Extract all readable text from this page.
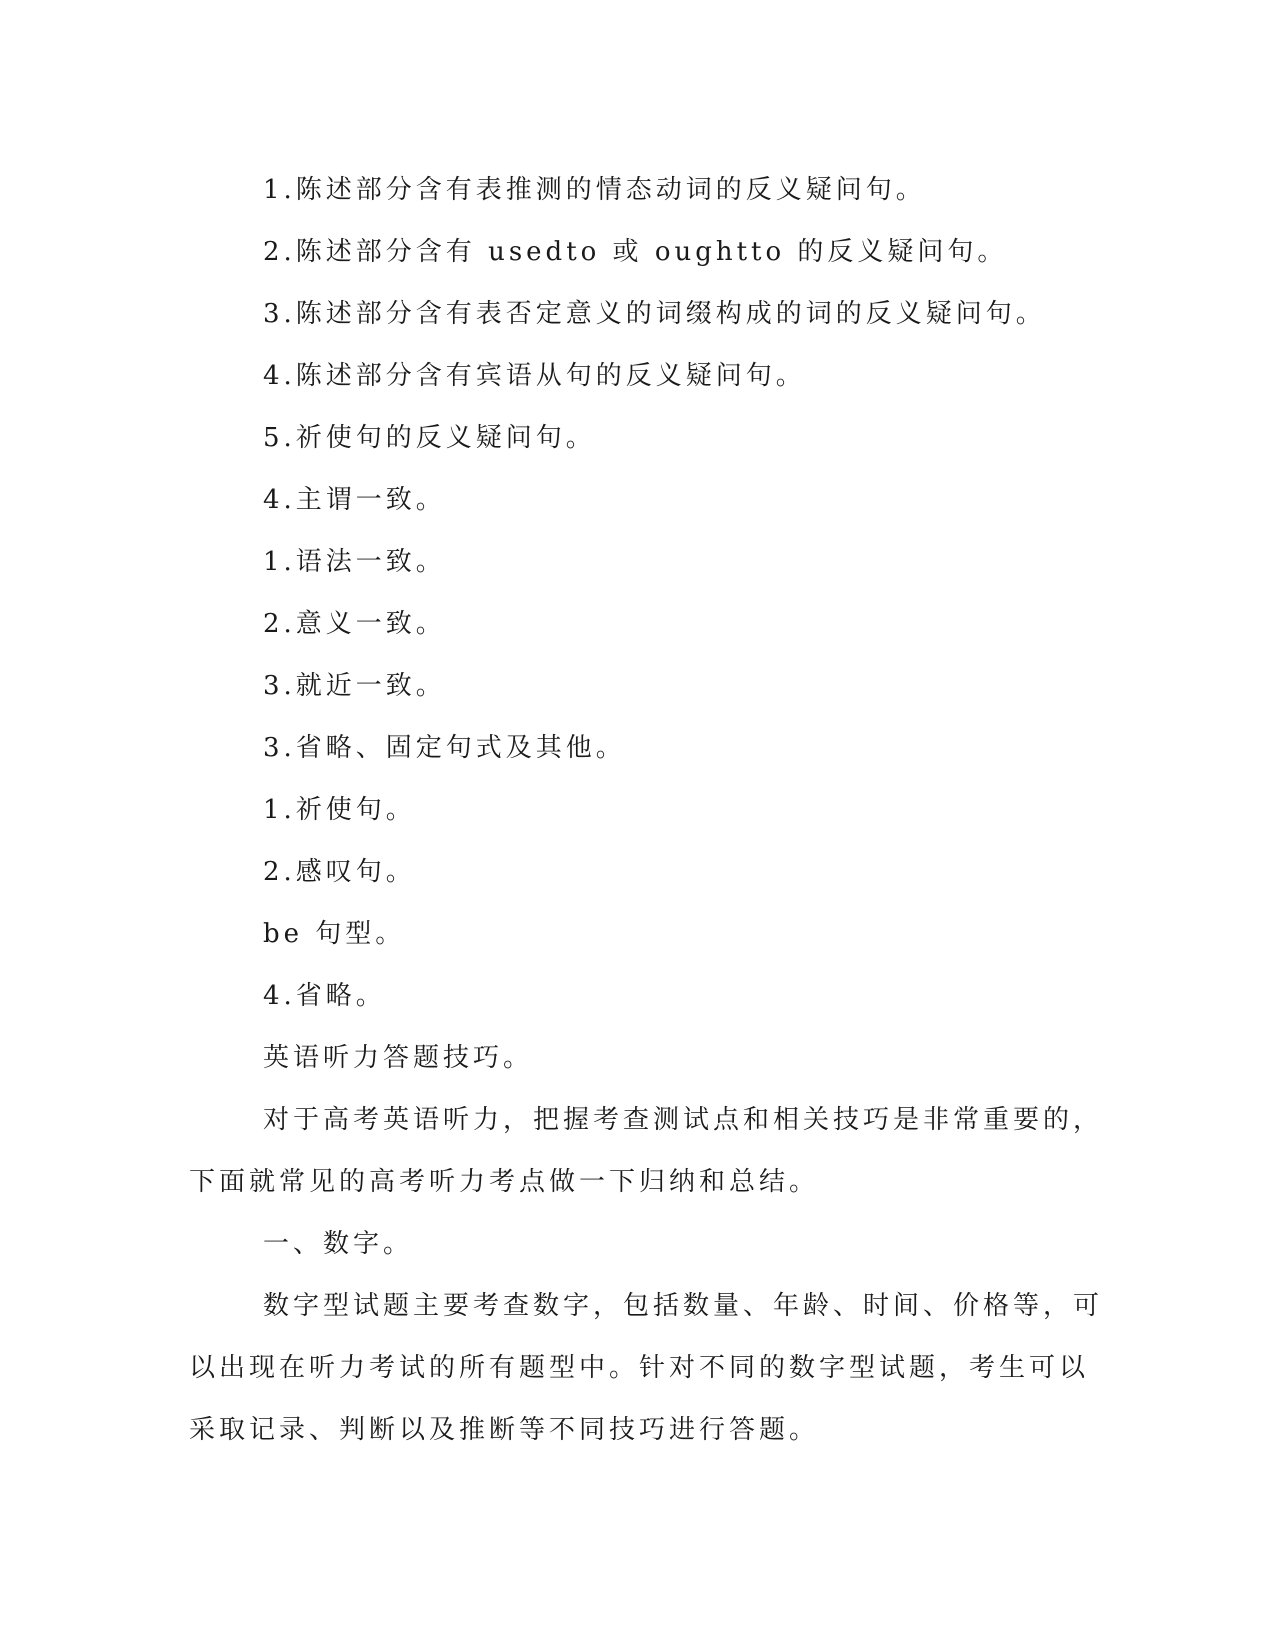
1.陈述部分含有表推测的情态动词的反义疑问句。

2.陈述部分含有 usedto 或 oughtto 的反义疑问句。

3.陈述部分含有表否定意义的词缀构成的词的反义疑问句。

4.陈述部分含有宾语从句的反义疑问句。

5.祈使句的反义疑问句。

4.主谓一致。

1.语法一致。

2.意义一致。

3.就近一致。

3.省略、固定句式及其他。

1.祈使句。

2.感叹句。

be 句型。

4.省略。

英语听力答题技巧。

对于高考英语听力，把握考查测试点和相关技巧是非常重要的，

下面就常见的高考听力考点做一下归纳和总结。

一、数字。

数字型试题主要考查数字，包括数量、年龄、时间、价格等，可

以出现在听力考试的所有题型中。针对不同的数字型试题，考生可以

采取记录、判断以及推断等不同技巧进行答题。
